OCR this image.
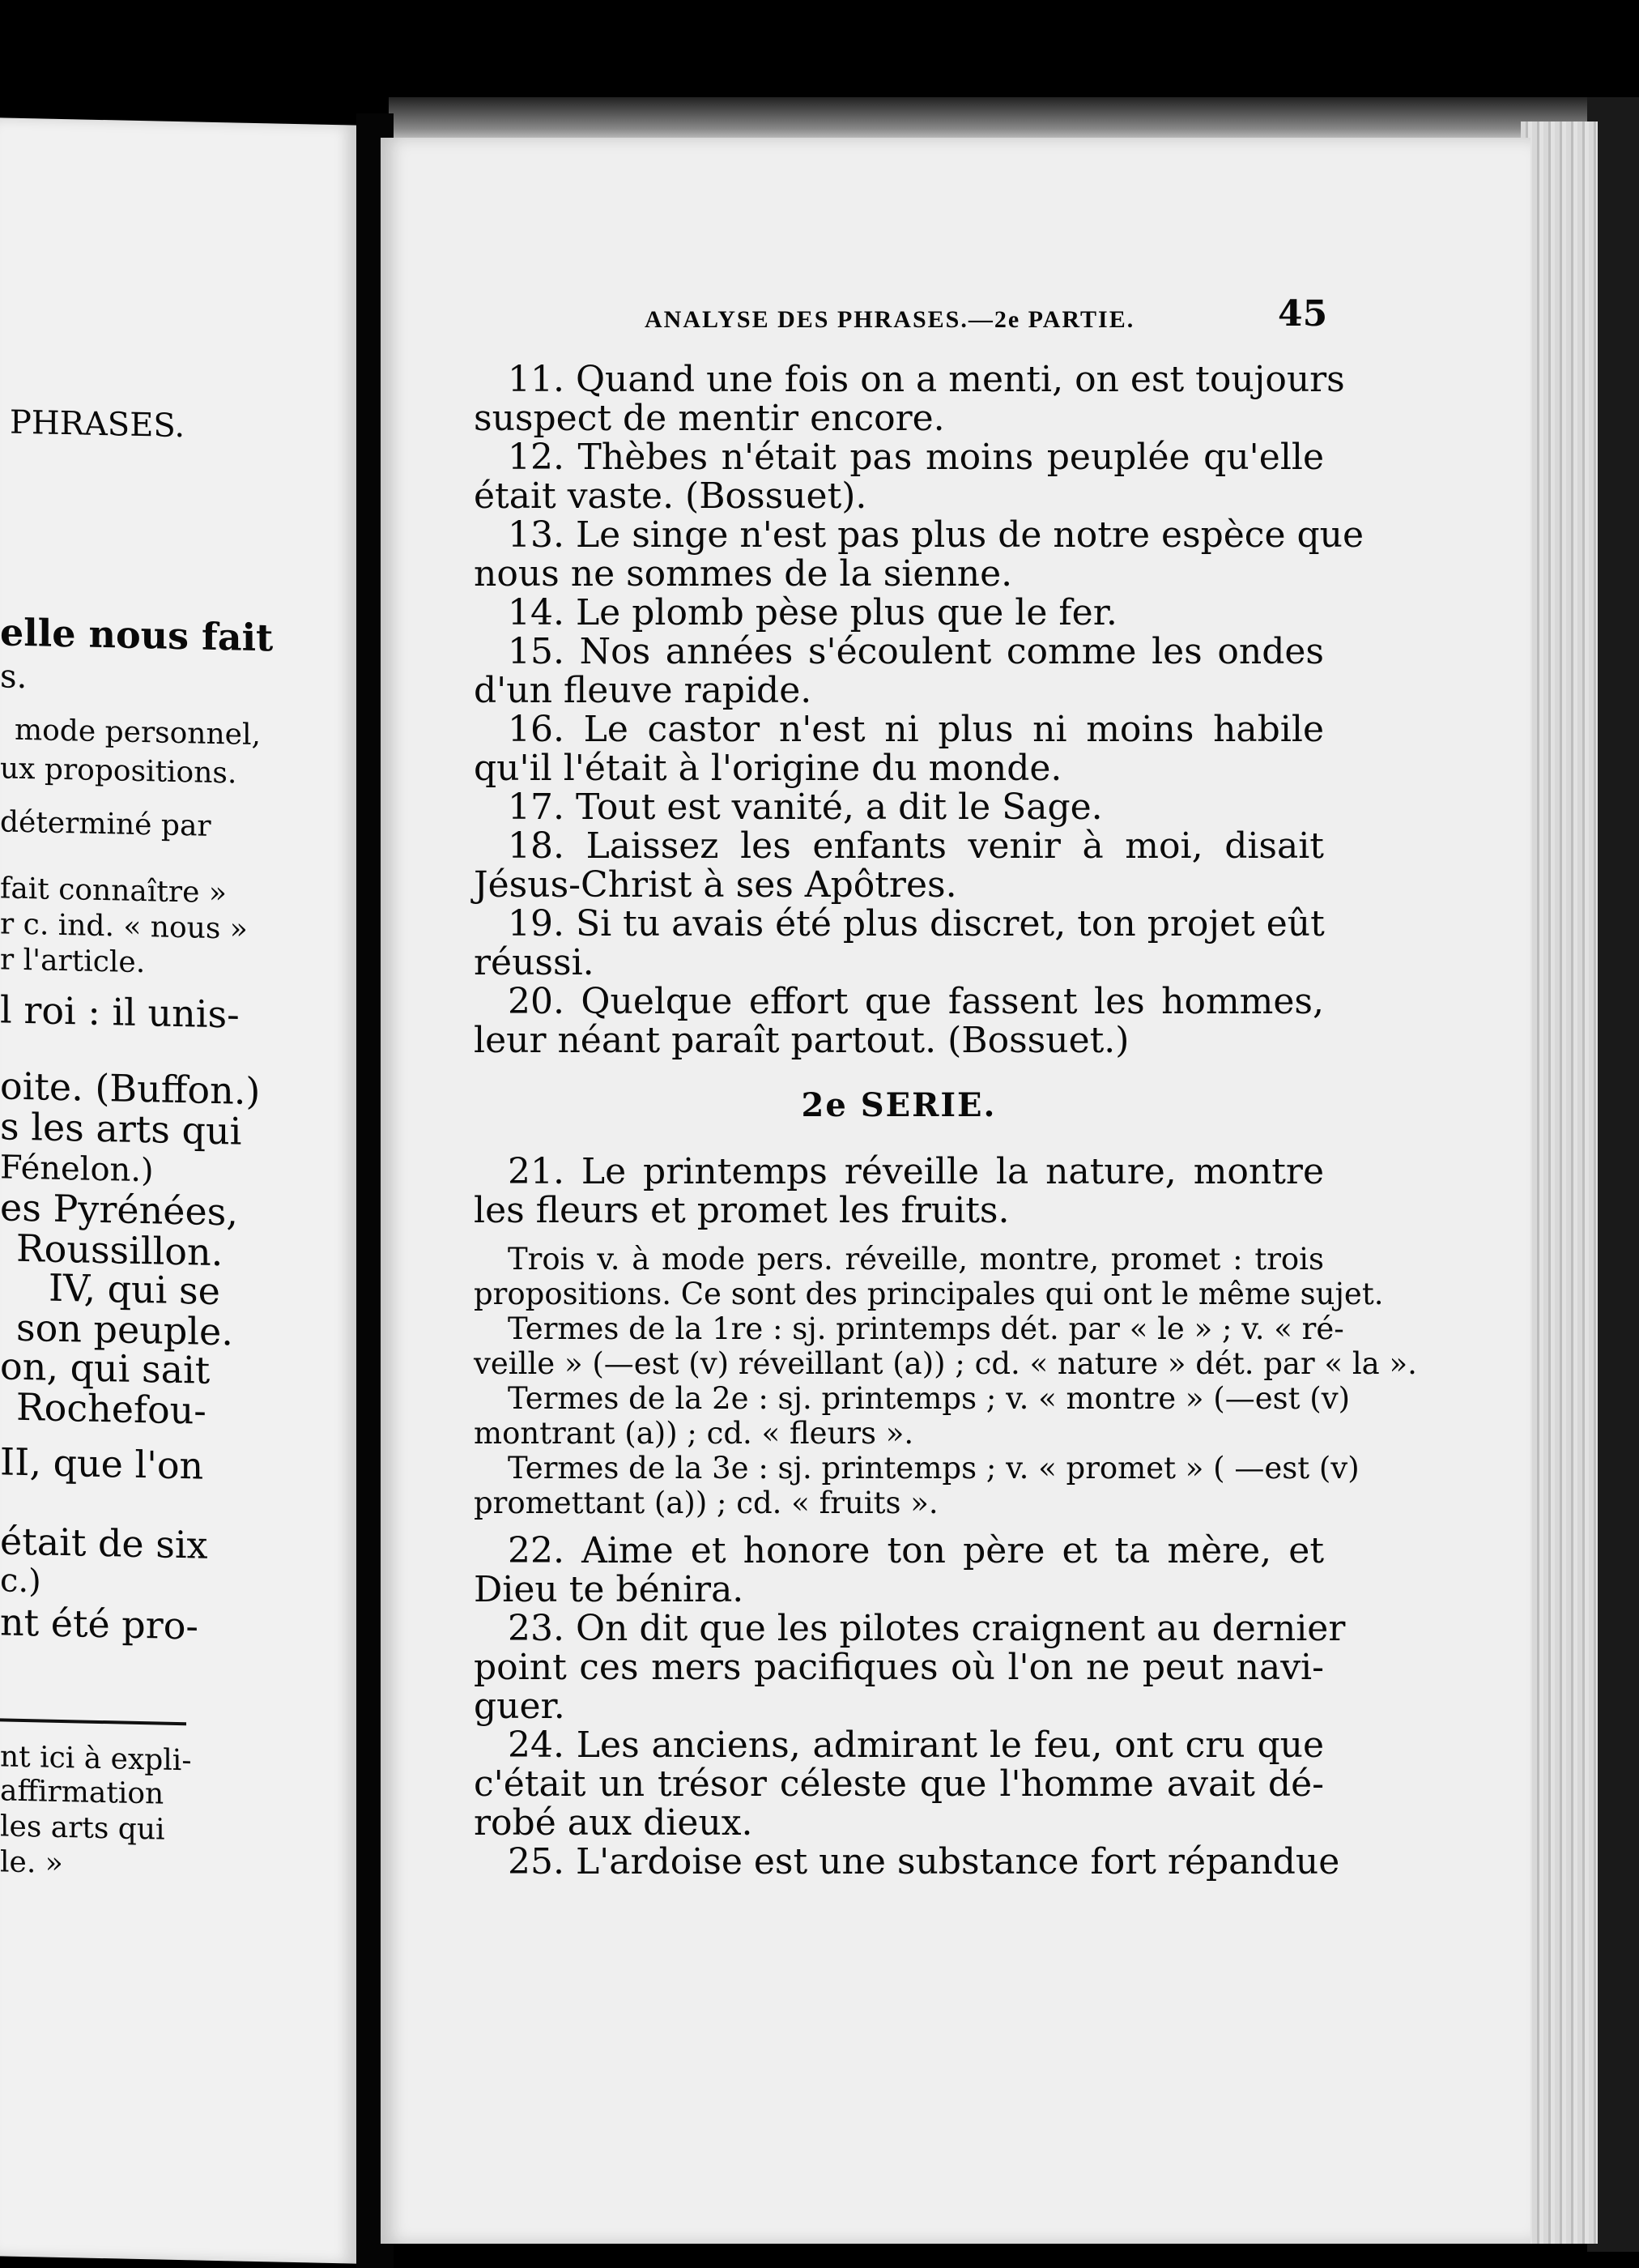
PHRASES.
elle nous fait
s.
mode personnel,
ux propositions.
déterminé par
fait connaître »
r c. ind. « nous »
r l'article.
l roi : il unis-
oite. (Buffon.)
s les arts qui
Fénelon.)
es Pyrénées,
Roussillon.
IV, qui se
son peuple.
on, qui sait
Rochefou-
II, que l'on
était de six
c.)
nt été pro-
nt ici à expli-
affirmation
les arts qui
le. »
ANALYSE DES PHRASES.—2e PARTIE.	45
11. Quand une fois on a menti, on est toujours
suspect de mentir encore.
12. Thèbes n'était pas moins peuplée qu'elle
était vaste. (Bossuet).
13. Le singe n'est pas plus de notre espèce que
nous ne sommes de la sienne.
14. Le plomb pèse plus que le fer.
15. Nos années s'écoulent comme les ondes
d'un fleuve rapide.
16. Le castor n'est ni plus ni moins habile
qu'il l'était à l'origine du monde.
17. Tout est vanité, a dit le Sage.
18. Laissez les enfants venir à moi, disait
Jésus-Christ à ses Apôtres.
19. Si tu avais été plus discret, ton projet eût
réussi.
20. Quelque effort que fassent les hommes,
leur néant paraît partout. (Bossuet.)
2e SERIE.
21. Le printemps réveille la nature, montre
les fleurs et promet les fruits.
Trois v. à mode pers. réveille, montre, promet : trois
propositions. Ce sont des principales qui ont le même sujet.
Termes de la 1re : sj. printemps dét. par « le » ; v. « ré-
veille » (—est (v) réveillant (a)) ; cd. « nature » dét. par « la ».
Termes de la 2e : sj. printemps ; v. « montre » (—est (v)
montrant (a)) ; cd. « fleurs ».
Termes de la 3e : sj. printemps ; v. « promet » ( —est (v)
promettant (a)) ; cd. « fruits ».
22. Aime et honore ton père et ta mère, et
Dieu te bénira.
23. On dit que les pilotes craignent au dernier
point ces mers pacifiques où l'on ne peut navi-
guer.
24. Les anciens, admirant le feu, ont cru que
c'était un trésor céleste que l'homme avait dé-
robé aux dieux.
25. L'ardoise est une substance fort répandue
